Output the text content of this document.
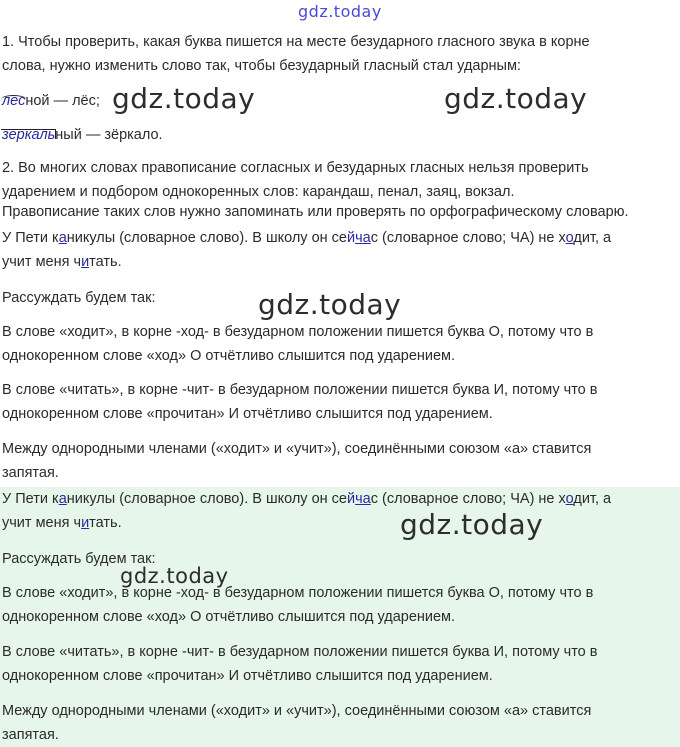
gdz.today
1. Чтобы проверить, какая буква пишется на месте безударного гласного звука в корне
слова, нужно изменить слово так, чтобы безударный гласный стал ударным:
лесной — лёс; gdz.today	gdz.today
зеркальный — зёркало.
2. Во многих словах правописание согласных и безударных гласных нельзя проверить
ударением и подбором однокоренных слов: карандаш, пенал, заяц, вокзал.
Правописание таких слов нужно запоминать или проверять по орфографическому словарю.
У Пети каникулы (словарное слово). В школу он сейчас (словарное слово; ЧА) не ходит, а
учит меня читать.
Рассуждать будем так:	gdz.today
В слове «ходит», в корне -ход- в безударном положении пишется буква О, потому что в
однокоренном слове «ход» О отчётливо слышится под ударением.
В слове «читать», в корне -чит- в безударном положении пишется буква И, потому что в
однокоренном слове «прочитан» И отчётливо слышится под ударением.
Между однородными членами («ходит» и «учит»), соединёнными союзом «а» ставится
запятая.
У Пети каникулы (словарное слово). В школу он сейчас (словарное слово; ЧА) не ходит, а
учит меня читать.	gdz.today
Рассуждать будем так:
gdz.today
В слове «ходит», в корне -ход- в безударном положении пишется буква О, потому что в
однокоренном слове «ход» О отчётливо слышится под ударением.
В слове «читать», в корне -чит- в безударном положении пишется буква И, потому что в
однокоренном слове «прочитан» И отчётливо слышится под ударением.
Между однородными членами («ходит» и «учит»), соединёнными союзом «а» ставится
запятая.
